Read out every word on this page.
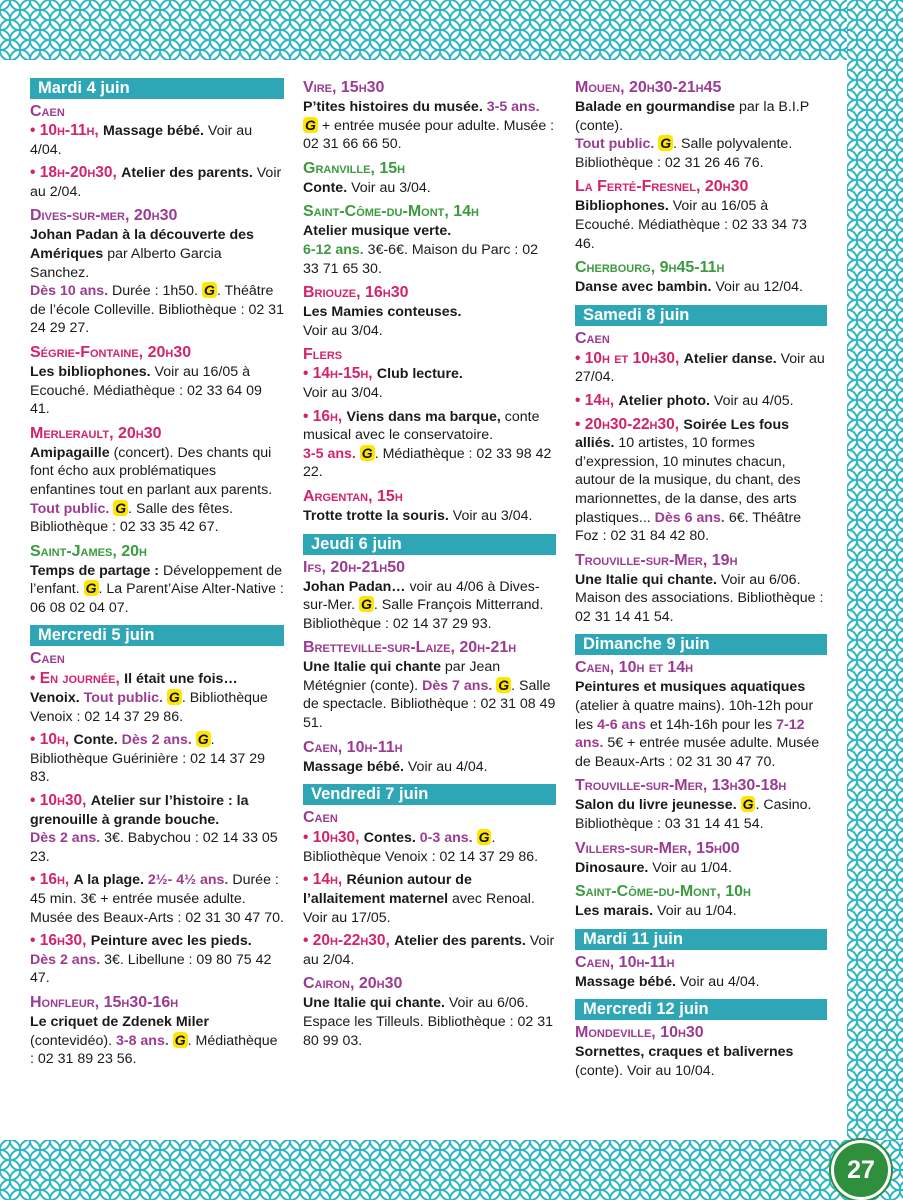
Mardi 4 juin
Caen
• 10h-11h, Massage bébé. Voir au 4/04.
• 18h-20h30, Atelier des parents. Voir au 2/04.
Dives-sur-mer, 20h30
Johan Padan à la découverte des Amériques par Alberto Garcia Sanchez.
Dès 10 ans. Durée : 1h50. G . Théâtre de l’école Colleville. Bibliothèque : 02 31 24 29 27.
Ségrie-Fontaine, 20h30
Les bibliophones. Voir au 16/05 à Ecouché. Médiathèque : 02 33 64 09 41.
Merlerault, 20h30
Amipagaille (concert). Des chants qui font écho aux problématiques enfantines tout en parlant aux parents.
Tout public. G . Salle des fêtes. Bibliothèque : 02 33 35 42 67.
Saint-James, 20h
Temps de partage : Développement de l’enfant. G . La Parent’Aise Alter-Native : 06 08 02 04 07.
Mercredi 5 juin
Caen
• En journée, Il était une fois… Venoix. Tout public. G . Bibliothèque Venoix : 02 14 37 29 86.
• 10h, Conte. Dès 2 ans. G . Bibliothèque Guérinière : 02 14 37 29 83.
• 10h30, Atelier sur l’histoire : la grenouille à grande bouche.
Dès 2 ans. 3€. Babychou : 02 14 33 05 23.
• 16h, A la plage. 2½- 4½ ans. Durée : 45 min. 3€ + entrée musée adulte. Musée des Beaux-Arts : 02 31 30 47 70.
• 16h30, Peinture avec les pieds.
Dès 2 ans. 3€. Libellune : 09 80 75 42 47.
Honfleur, 15h30-16h
Le criquet de Zdenek Miler (contevidéo). 3-8 ans. G . Médiathèque : 02 31 89 23 56.
Vire, 15h30
P’tites histoires du musée. 3-5 ans.
G + entrée musée pour adulte. Musée : 02 31 66 66 50.
Granville, 15h
Conte. Voir au 3/04.
Saint-Côme-du-Mont, 14h
Atelier musique verte.
6-12 ans. 3€-6€. Maison du Parc : 02 33 71 65 30.
Briouze, 16h30
Les Mamies conteuses.
Voir au 3/04.
Flers
• 14h-15h, Club lecture.
Voir au 3/04.
• 16h, Viens dans ma barque, conte musical avec le conservatoire.
3-5 ans. G . Médiathèque : 02 33 98 42 22.
Argentan, 15h
Trotte trotte la souris. Voir au 3/04.
Jeudi 6 juin
Ifs, 20h-21h50
Johan Padan… voir au 4/06 à Dives-sur-Mer. G . Salle François Mitterrand. Bibliothèque : 02 14 37 29 93.
Bretteville-sur-Laize, 20h-21h
Une Italie qui chante par Jean Métégnier (conte). Dès 7 ans. G . Salle de spectacle. Bibliothèque : 02 31 08 49 51.
Caen, 10h-11h
Massage bébé. Voir au 4/04.
Vendredi 7 juin
Caen
• 10h30, Contes. 0-3 ans. G . Bibliothèque Venoix : 02 14 37 29 86.
• 14h, Réunion autour de l’allaitement maternel avec Renoal. Voir au 17/05.
• 20h-22h30, Atelier des parents. Voir au 2/04.
Cairon, 20h30
Une Italie qui chante. Voir au 6/06. Espace les Tilleuls. Bibliothèque : 02 31 80 99 03.
Mouen, 20h30-21h45
Balade en gourmandise par la B.I.P (conte).
Tout public. G . Salle polyvalente. Bibliothèque : 02 31 26 46 76.
La Ferté-Fresnel, 20h30
Bibliophones. Voir au 16/05 à Ecouché. Médiathèque : 02 33 34 73 46.
Cherbourg, 9h45-11h
Danse avec bambin. Voir au 12/04.
Samedi 8 juin
Caen
• 10h et 10h30, Atelier danse. Voir au 27/04.
• 14h, Atelier photo. Voir au 4/05.
• 20h30-22h30, Soirée Les fous alliés. 10 artistes, 10 formes d’expression, 10 minutes chacun, autour de la musique, du chant, des marionnettes, de la danse, des arts plastiques... Dès 6 ans. 6€. Théâtre Foz : 02 31 84 42 80.
Trouville-sur-Mer, 19h
Une Italie qui chante. Voir au 6/06. Maison des associations. Bibliothèque : 02 31 14 41 54.
Dimanche 9 juin
Caen, 10h et 14h
Peintures et musiques aquatiques (atelier à quatre mains). 10h-12h pour les 4-6 ans et 14h-16h pour les 7-12 ans. 5€ + entrée musée adulte. Musée de Beaux-Arts : 02 31 30 47 70.
Trouville-sur-Mer, 13h30-18h
Salon du livre jeunesse. G . Casino. Bibliothèque : 03 31 14 41 54.
Villers-sur-Mer, 15h00
Dinosaure. Voir au 1/04.
Saint-Côme-du-Mont, 10h
Les marais. Voir au 1/04.
Mardi 11 juin
Caen, 10h-11h
Massage bébé. Voir au 4/04.
Mercredi 12 juin
Mondeville, 10h30
Sornettes, craques et balivernes (conte). Voir au 10/04.
27
